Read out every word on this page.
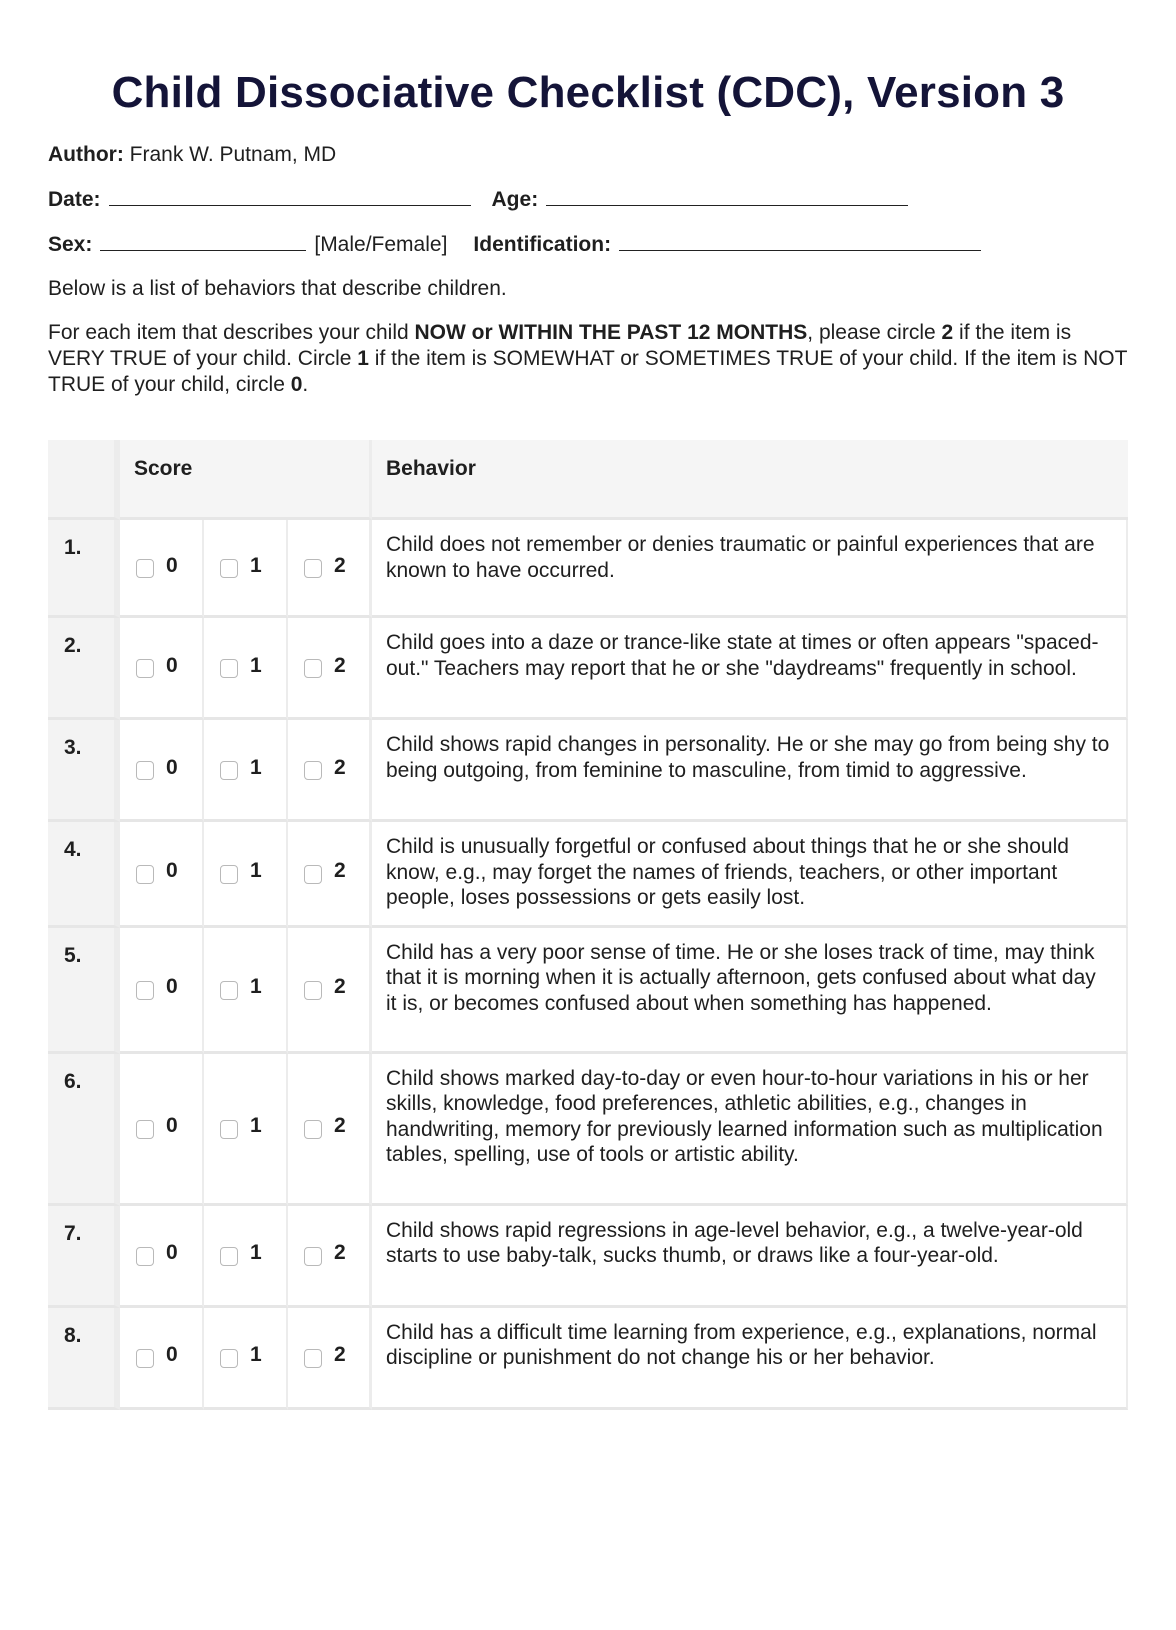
Child Dissociative Checklist (CDC), Version 3
Author: Frank W. Putnam, MD
Date:	Age:
Sex:	[Male/Female] Identification:

Below is a list of behaviors that describe children.

For each item that describes your child NOW or WITHIN THE PAST 12 MONTHS, please circle 2 if the item is VERY TRUE of your child. Circle 1 if the item is SOMEWHAT or SOMETIMES TRUE of your child. If the item is NOT TRUE of your child, circle 0.

	Score			Behavior
1.	0	1	2	Child does not remember or denies traumatic or painful experiences that are known to have occurred.
2.	0	1	2	Child goes into a daze or trance-like state at times or often appears "spaced-out." Teachers may report that he or she "daydreams" frequently in school.
3.	0	1	2	Child shows rapid changes in personality. He or she may go from being shy to being outgoing, from feminine to masculine, from timid to aggressive.
4.	0	1	2	Child is unusually forgetful or confused about things that he or she should know, e.g., may forget the names of friends, teachers, or other important people, loses possessions or gets easily lost.
5.	0	1	2	Child has a very poor sense of time. He or she loses track of time, may think that it is morning when it is actually afternoon, gets confused about what day it is, or becomes confused about when something has happened.
6.	0	1	2	Child shows marked day-to-day or even hour-to-hour variations in his or her skills, knowledge, food preferences, athletic abilities, e.g., changes in handwriting, memory for previously learned information such as multiplication tables, spelling, use of tools or artistic ability.
7.	0	1	2	Child shows rapid regressions in age-level behavior, e.g., a twelve-year-old starts to use baby-talk, sucks thumb, or draws like a four-year-old.
8.	0	1	2	Child has a difficult time learning from experience, e.g., explanations, normal discipline or punishment do not change his or her behavior.
